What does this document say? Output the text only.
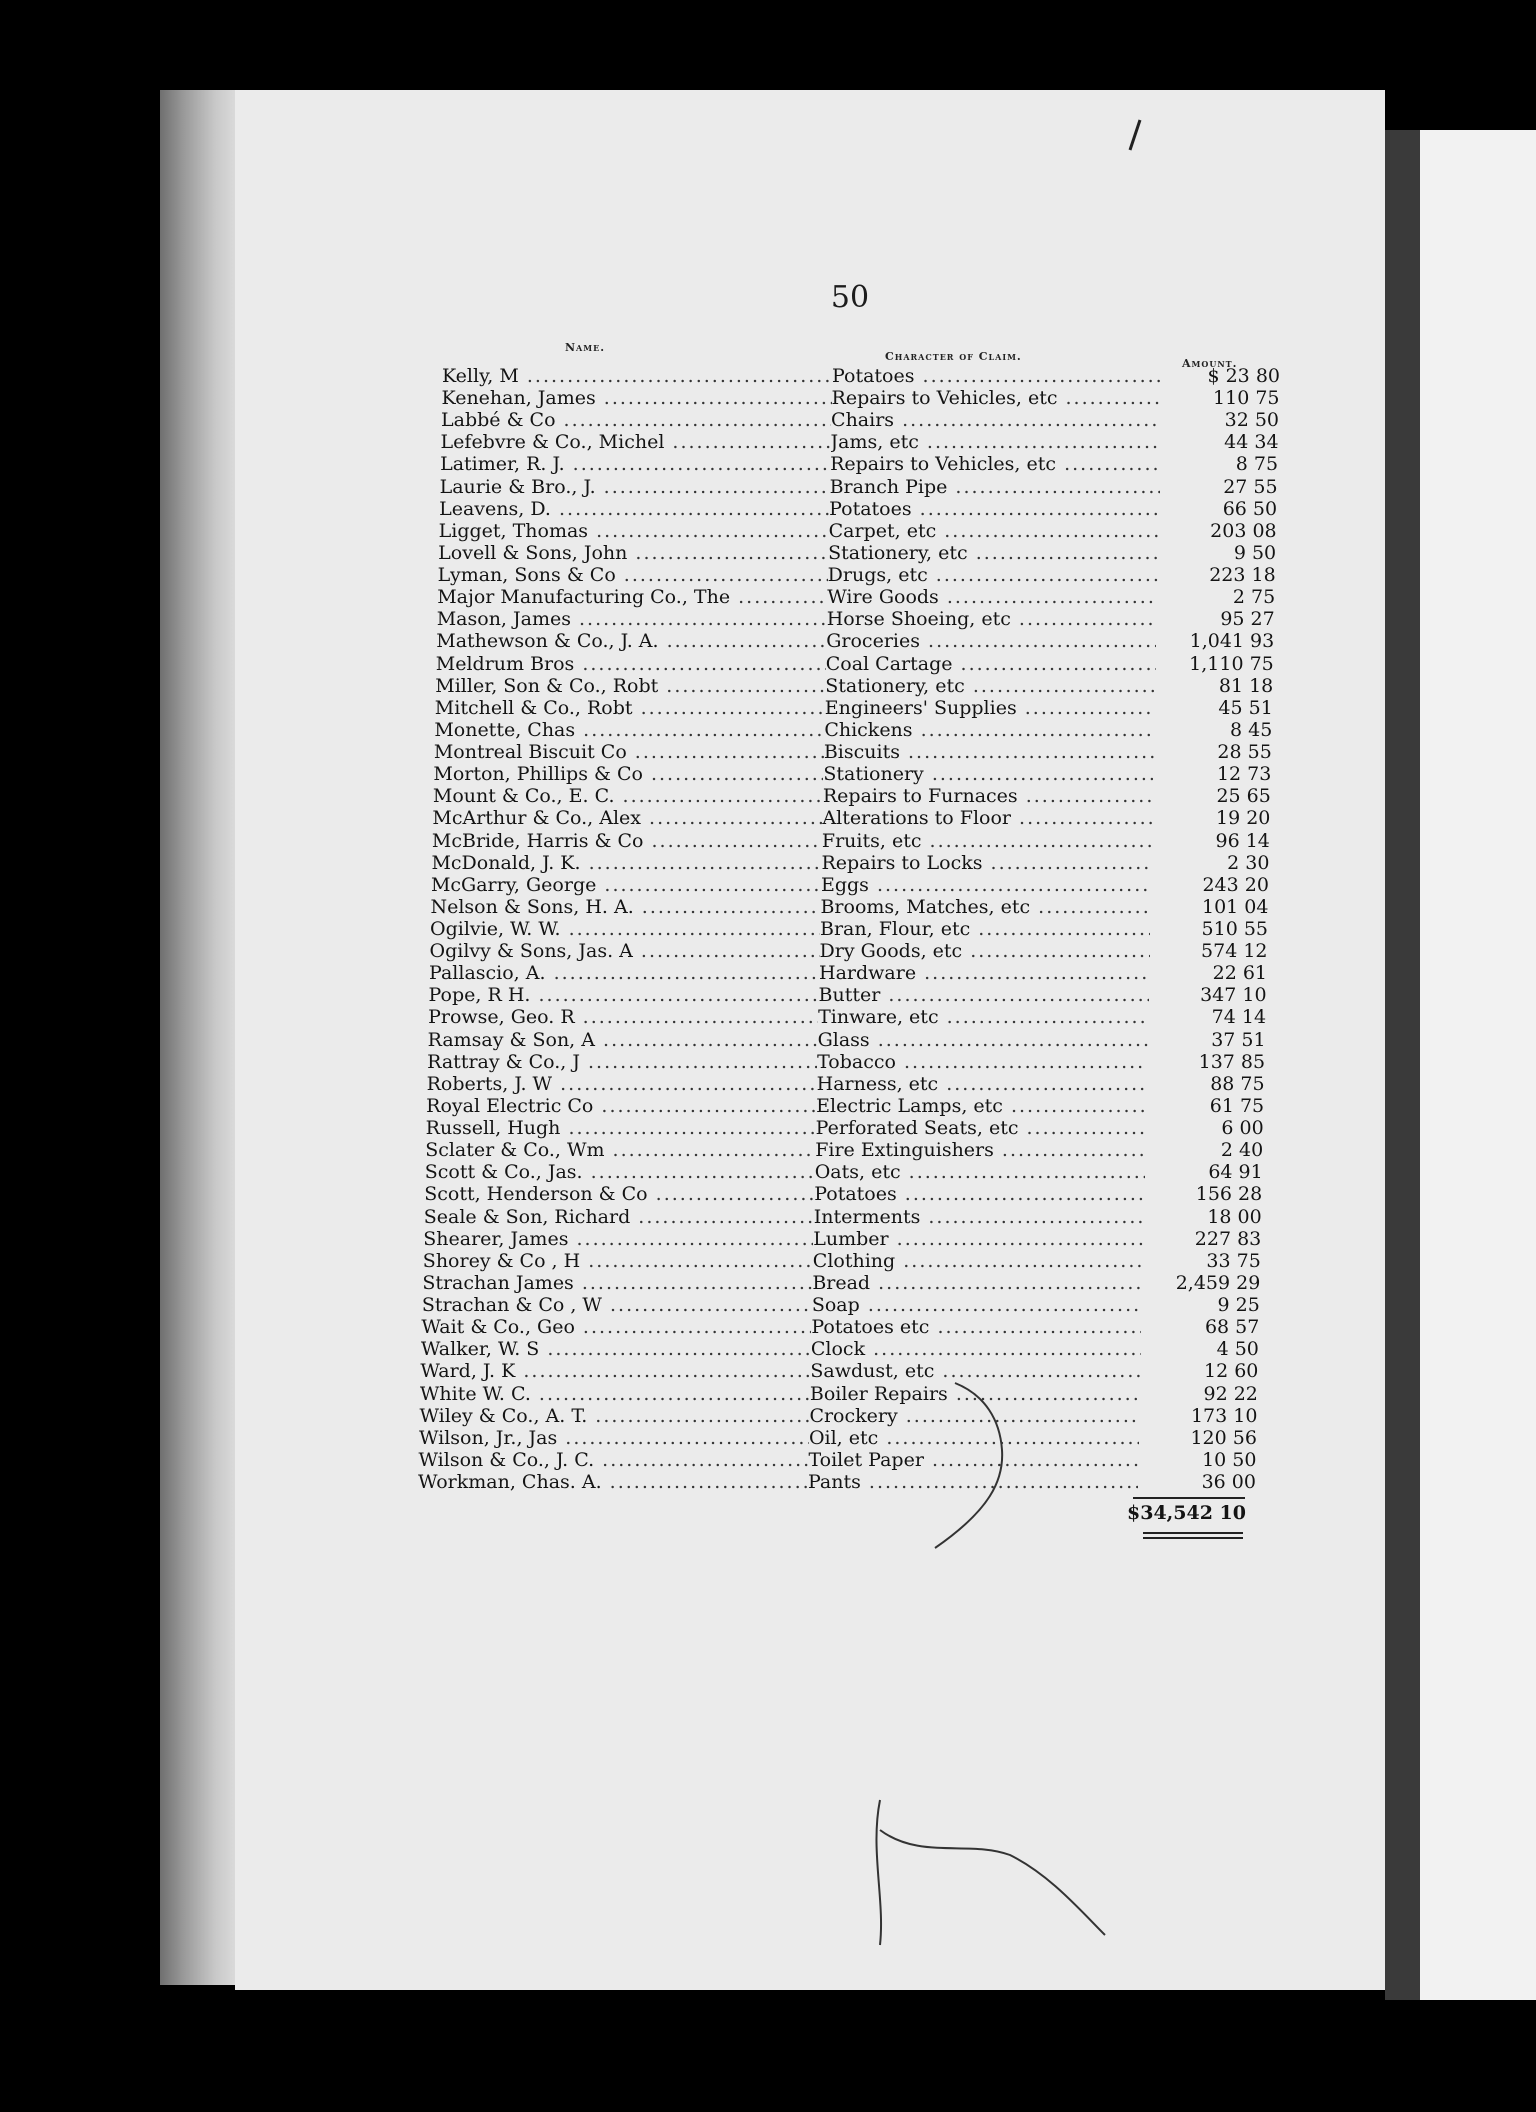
50
Name.
Character of Claim.
Amount.
Kelly, M .....	Potatoes .....	$ 23 80
Kenehan, James .....	Repairs to Vehicles, etc .....	110 75
Labbé & Co .....	Chairs .....	32 50
Lefebvre & Co., Michel .....	Jams, etc .....	44 34
Latimer, R. J. .....	Repairs to Vehicles, etc .....	8 75
Laurie & Bro., J. .....	Branch Pipe .....	27 55
Leavens, D. .....	Potatoes .....	66 50
Ligget, Thomas .....	Carpet, etc .....	203 08
Lovell & Sons, John .....	Stationery, etc .....	9 50
Lyman, Sons & Co .....	Drugs, etc .....	223 18
Major Manufacturing Co., The .....	Wire Goods .....	2 75
Mason, James .....	Horse Shoeing, etc .....	95 27
Mathewson & Co., J. A. .....	Groceries .....	1,041 93
Meldrum Bros .....	Coal Cartage .....	1,110 75
Miller, Son & Co., Robt .....	Stationery, etc .....	81 18
Mitchell & Co., Robt .....	Engineers' Supplies .....	45 51
Monette, Chas .....	Chickens .....	8 45
Montreal Biscuit Co .....	Biscuits .....	28 55
Morton, Phillips & Co .....	Stationery .....	12 73
Mount & Co., E. C. .....	Repairs to Furnaces .....	25 65
McArthur & Co., Alex .....	Alterations to Floor .....	19 20
McBride, Harris & Co .....	Fruits, etc .....	96 14
McDonald, J. K. .....	Repairs to Locks .....	2 30
McGarry, George .....	Eggs .....	243 20
Nelson & Sons, H. A. .....	Brooms, Matches, etc .....	101 04
Ogilvie, W. W. .....	Bran, Flour, etc .....	510 55
Ogilvy & Sons, Jas. A .....	Dry Goods, etc .....	574 12
Pallascio, A. .....	Hardware .....	22 61
Pope, R H. .....	Butter .....	347 10
Prowse, Geo. R .....	Tinware, etc .....	74 14
Ramsay & Son, A .....	Glass .....	37 51
Rattray & Co., J .....	Tobacco .....	137 85
Roberts, J. W .....	Harness, etc .....	88 75
Royal Electric Co .....	Electric Lamps, etc .....	61 75
Russell, Hugh .....	Perforated Seats, etc .....	6 00
Sclater & Co., Wm .....	Fire Extinguishers .....	2 40
Scott & Co., Jas. .....	Oats, etc .....	64 91
Scott, Henderson & Co .....	Potatoes .....	156 28
Seale & Son, Richard .....	Interments .....	18 00
Shearer, James .....	Lumber .....	227 83
Shorey & Co , H .....	Clothing .....	33 75
Strachan James .....	Bread .....	2,459 29
Strachan & Co , W .....	Soap .....	9 25
Wait & Co., Geo .....	Potatoes etc .....	68 57
Walker, W. S .....	Clock .....	4 50
Ward, J. K .....	Sawdust, etc .....	12 60
White W. C. .....	Boiler Repairs .....	92 22
Wiley & Co., A. T. .....	Crockery .....	173 10
Wilson, Jr., Jas .....	Oil, etc .....	120 56
Wilson & Co., J. C. .....	Toilet Paper .....	10 50
Workman, Chas. A. .....	Pants .....	36 00
$34,542 10
